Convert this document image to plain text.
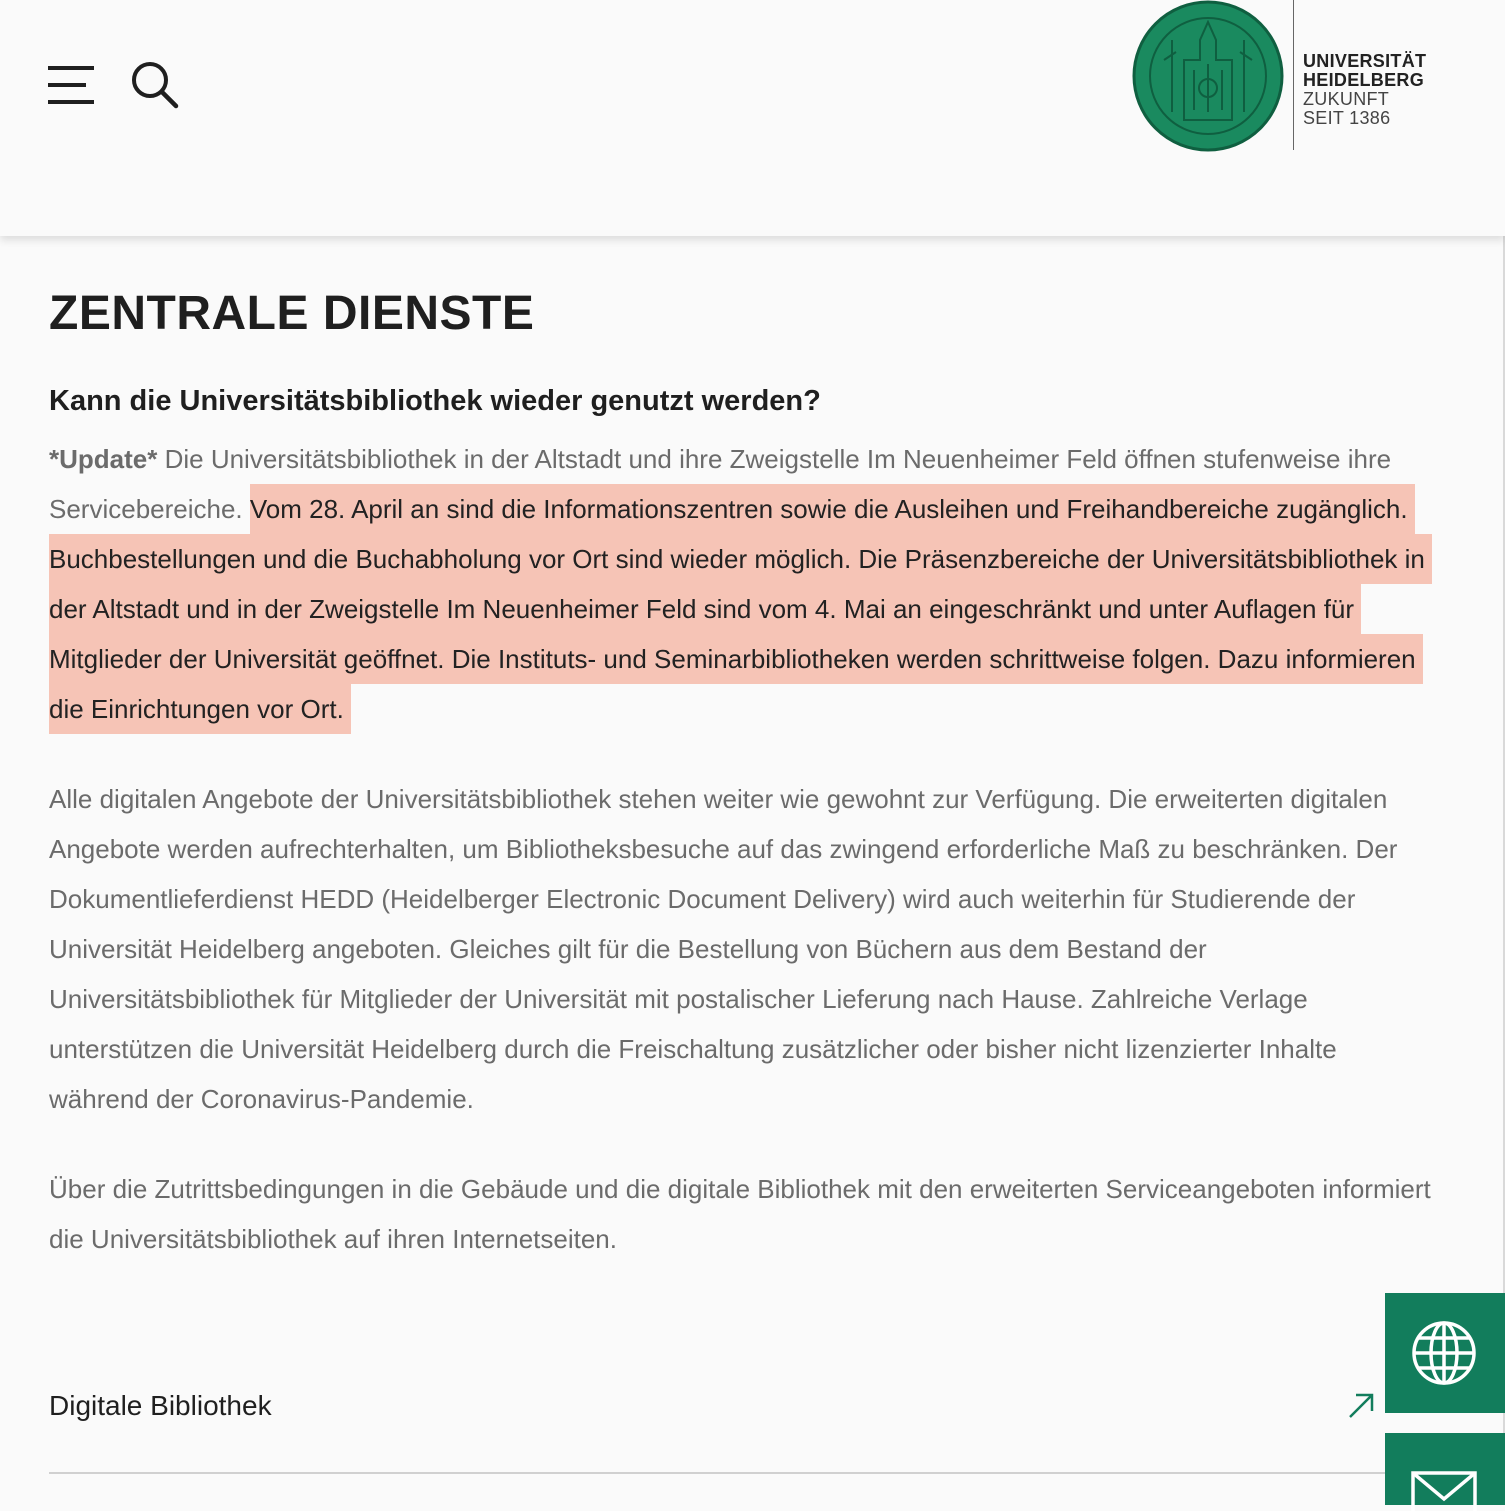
UNIVERSITÄT
HEIDELBERG
ZUKUNFT
SEIT 1386
ZENTRALE DIENSTE
Kann die Universitätsbibliothek wieder genutzt werden?

*Update* Die Universitätsbibliothek in der Altstadt und ihre Zweigstelle Im Neuenheimer Feld öffnen stufenweise ihre Servicebereiche. Vom 28. April an sind die Informationszentren sowie die Ausleihen und Freihandbereiche zugänglich. Buchbestellungen und die Buchabholung vor Ort sind wieder möglich. Die Präsenzbereiche der Universitätsbibliothek in der Altstadt und in der Zweigstelle Im Neuenheimer Feld sind vom 4. Mai an eingeschränkt und unter Auflagen für Mitglieder der Universität geöffnet. Die Instituts- und Seminarbibliotheken werden schrittweise folgen. Dazu informieren die Einrichtungen vor Ort.

Alle digitalen Angebote der Universitätsbibliothek stehen weiter wie gewohnt zur Verfügung. Die erweiterten digitalen Angebote werden aufrechterhalten, um Bibliotheksbesuche auf das zwingend erforderliche Maß zu beschränken. Der Dokumentlieferdienst HEDD (Heidelberger Electronic Document Delivery) wird auch weiterhin für Studierende der Universität Heidelberg angeboten. Gleiches gilt für die Bestellung von Büchern aus dem Bestand der Universitätsbibliothek für Mitglieder der Universität mit postalischer Lieferung nach Hause. Zahlreiche Verlage unterstützen die Universität Heidelberg durch die Freischaltung zusätzlicher oder bisher nicht lizenzierter Inhalte während der Coronavirus-Pandemie.

Über die Zutrittsbedingungen in die Gebäude und die digitale Bibliothek mit den erweiterten Serviceangeboten informiert die Universitätsbibliothek auf ihren Internetseiten.

Digitale Bibliothek
